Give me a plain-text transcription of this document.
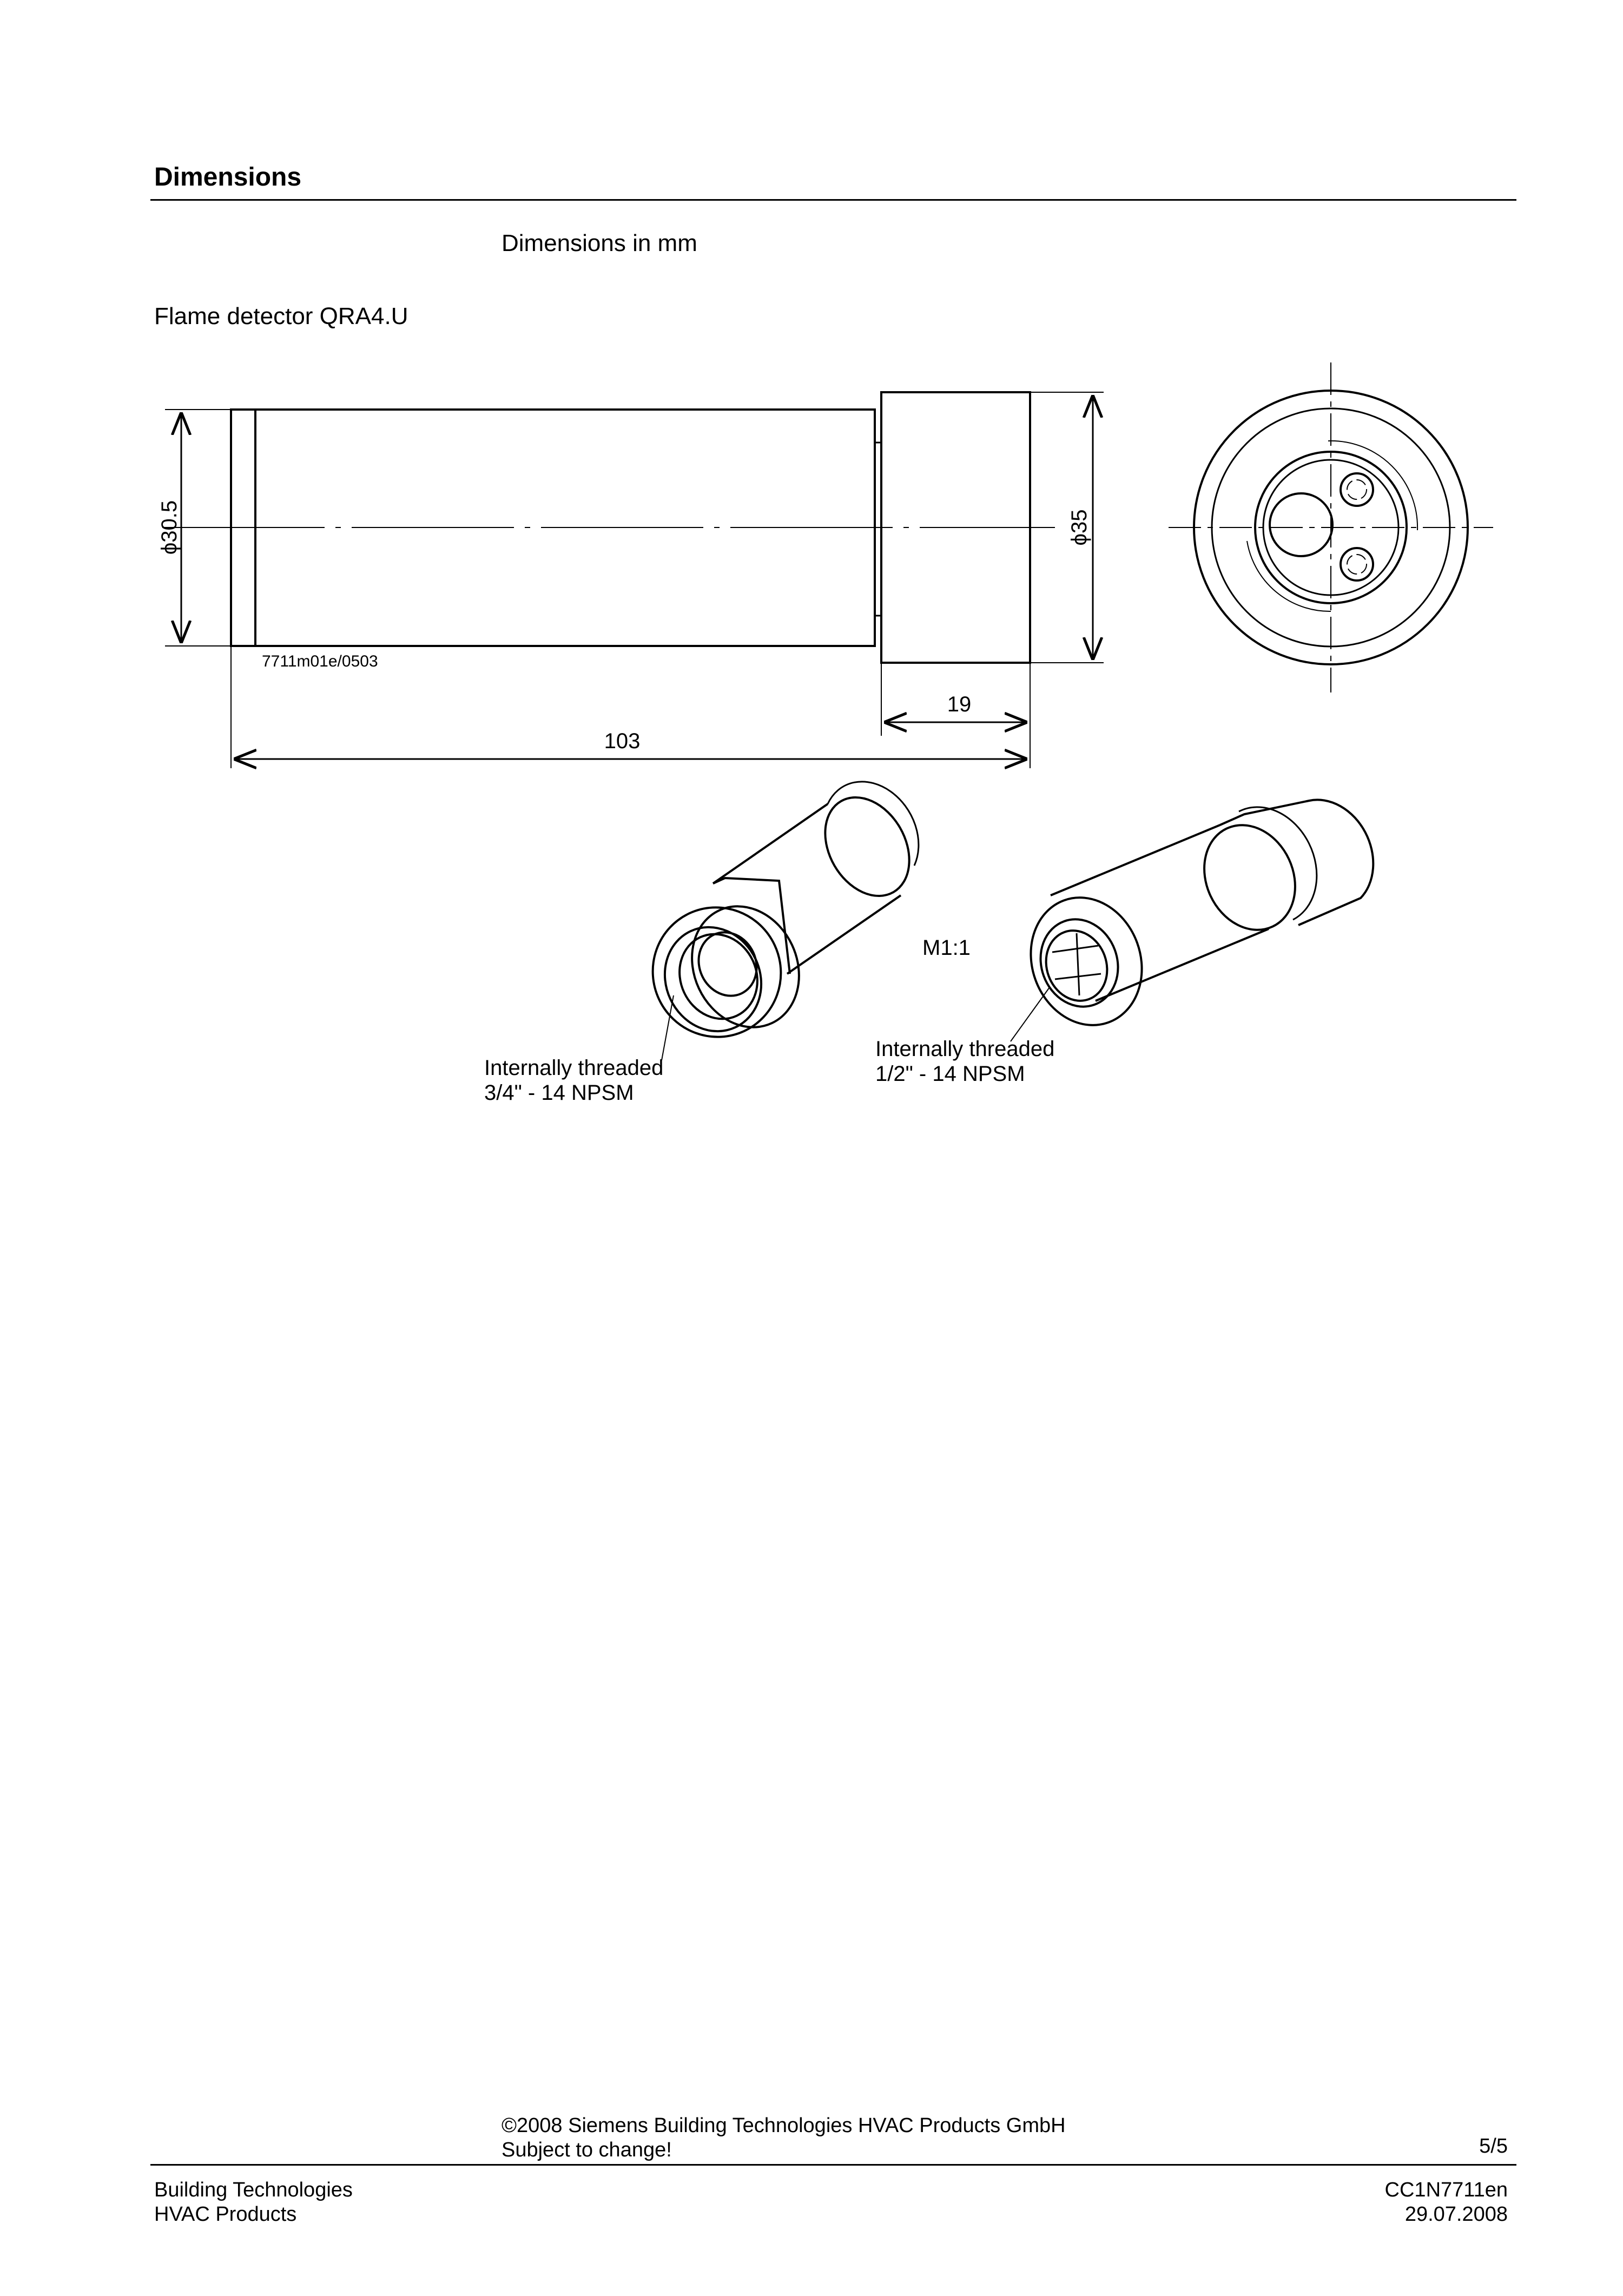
Dimensions
Dimensions in mm
Flame detector QRA4.U
7711m01e/0503
ϕ30.5	ϕ35
19
103
M1:1
Internally threaded
3/4" - 14 NPSM
Internally threaded
1/2" - 14 NPSM
©2008 Siemens Building Technologies HVAC Products GmbH
Subject to change!	5/5
Building Technologies
HVAC Products
CC1N7711en
29.07.2008
